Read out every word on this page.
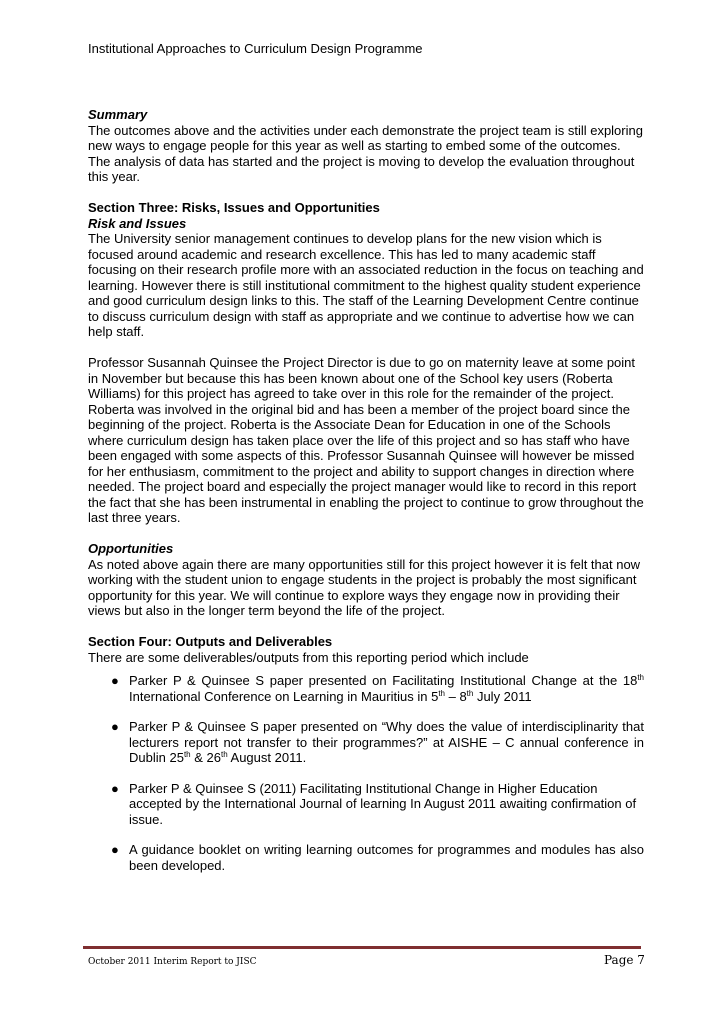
Institutional Approaches to Curriculum Design Programme

Summary

The outcomes above and the activities under each demonstrate the project team is still exploring new ways to engage people for this year as well as starting to embed some of the outcomes. The analysis of data has started and the project is moving to develop the evaluation throughout this year.

Section Three: Risks, Issues and Opportunities

Risk and Issues

The University senior management continues to develop plans for the new vision which is focused around academic and research excellence. This has led to many academic staff focusing on their research profile more with an associated reduction in the focus on teaching and learning. However there is still institutional commitment to the highest quality student experience and good curriculum design links to this. The staff of the Learning Development Centre continue to discuss curriculum design with staff as appropriate and we continue to advertise how we can help staff.

Professor Susannah Quinsee the Project Director is due to go on maternity leave at some point in November but because this has been known about one of the School key users (Roberta Williams) for this project has agreed to take over in this role for the remainder of the project. Roberta was involved in the original bid and has been a member of the project board since the beginning of the project. Roberta is the Associate Dean for Education in one of the Schools where curriculum design has taken place over the life of this project and so has staff who have been engaged with some aspects of this. Professor Susannah Quinsee will however be missed for her enthusiasm, commitment to the project and ability to support changes in direction where needed. The project board and especially the project manager would like to record in this report the fact that she has been instrumental in enabling the project to continue to grow throughout the last three years.

Opportunities

As noted above again there are many opportunities still for this project however it is felt that now working with the student union to engage students in the project is probably the most significant opportunity for this year. We will continue to explore ways they engage now in providing their views but also in the longer term beyond the life of the project.

Section Four: Outputs and Deliverables

There are some deliverables/outputs from this reporting period which include

● Parker P & Quinsee S paper presented on Facilitating Institutional Change at the 18th International Conference on Learning in Mauritius in 5th – 8th July 2011
● Parker P & Quinsee S paper presented on “Why does the value of interdisciplinarity that lecturers report not transfer to their programmes?” at AISHE – C annual conference in Dublin 25th & 26th August 2011.
● Parker P & Quinsee S (2011) Facilitating Institutional Change in Higher Education accepted by the International Journal of learning In August 2011 awaiting confirmation of issue.
● A guidance booklet on writing learning outcomes for programmes and modules has also been developed.
October 2011 Interim Report to JISC	Page 7
